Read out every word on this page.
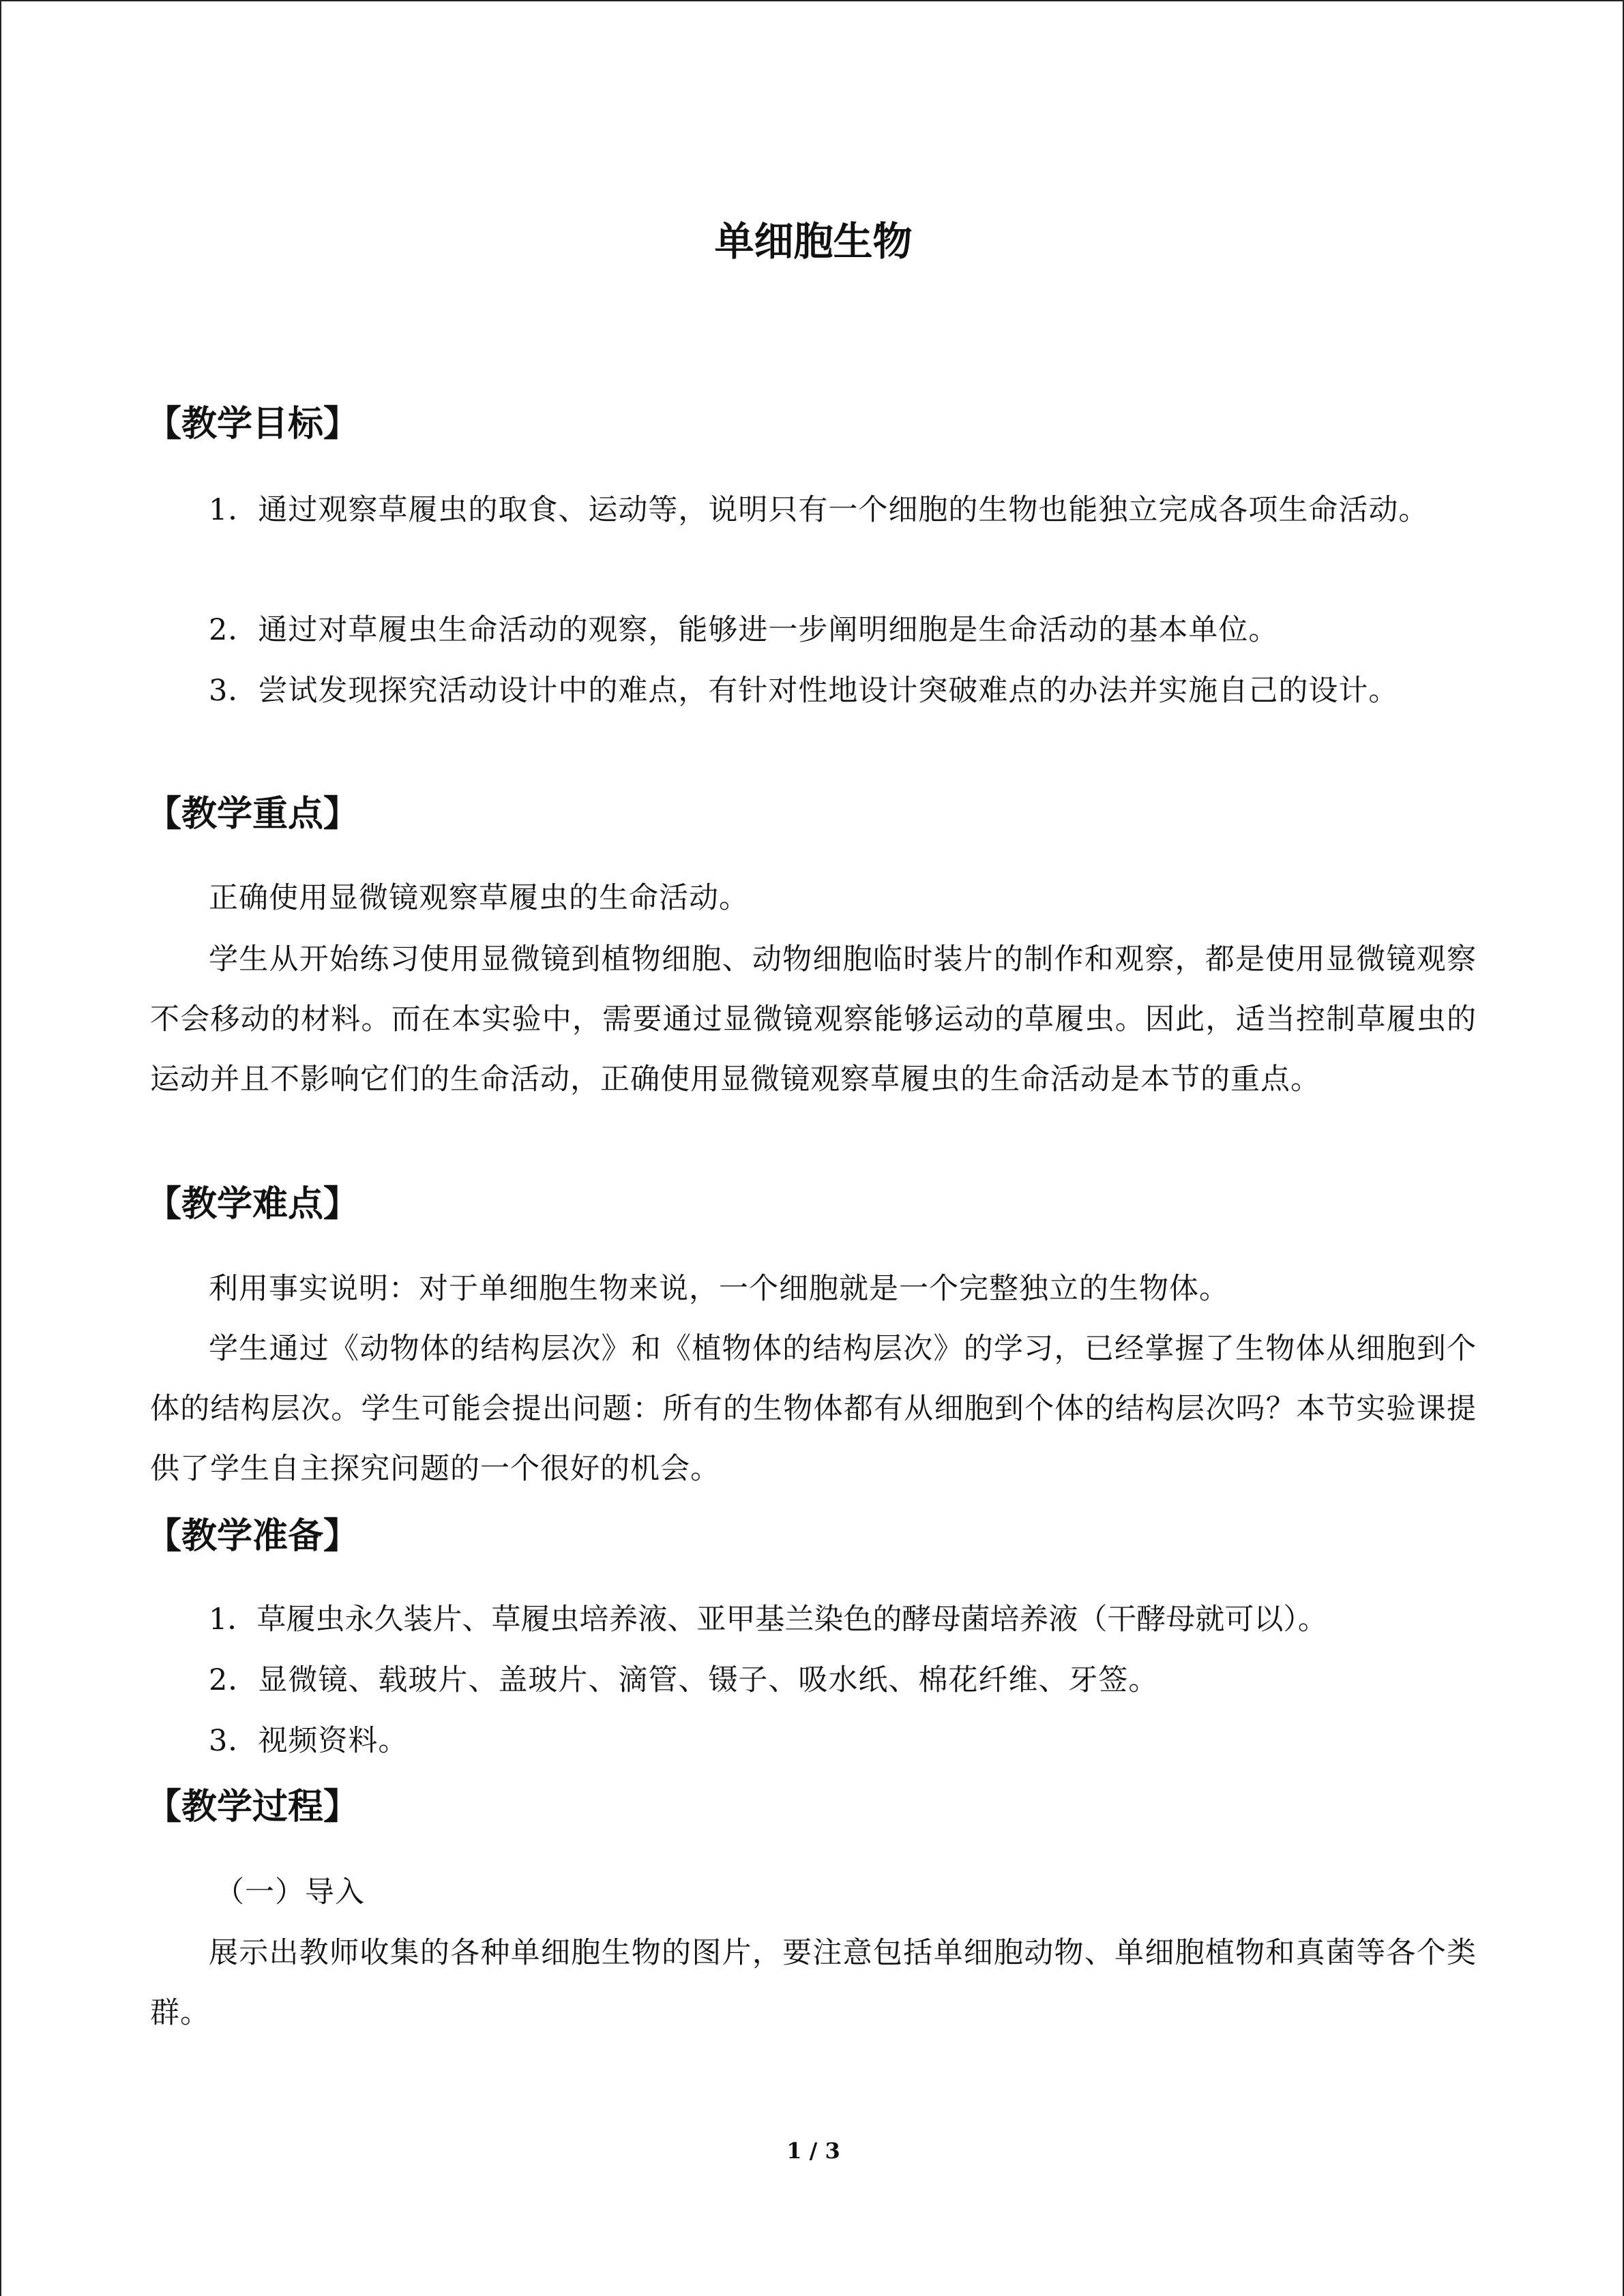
单细胞生物
【教学目标】
1．通过观察草履虫的取食、运动等，说明只有一个细胞的生物也能独立完成各项生命活动。
2．通过对草履虫生命活动的观察，能够进一步阐明细胞是生命活动的基本单位。
3．尝试发现探究活动设计中的难点，有针对性地设计突破难点的办法并实施自己的设计。
【教学重点】
正确使用显微镜观察草履虫的生命活动。
学生从开始练习使用显微镜到植物细胞、动物细胞临时装片的制作和观察，都是使用显微镜观察不会移动的材料。而在本实验中，需要通过显微镜观察能够运动的草履虫。因此，适当控制草履虫的运动并且不影响它们的生命活动，正确使用显微镜观察草履虫的生命活动是本节的重点。
【教学难点】
利用事实说明：对于单细胞生物来说，一个细胞就是一个完整独立的生物体。
学生通过《动物体的结构层次》和《植物体的结构层次》的学习，已经掌握了生物体从细胞到个体的结构层次。学生可能会提出问题：所有的生物体都有从细胞到个体的结构层次吗？本节实验课提供了学生自主探究问题的一个很好的机会。
【教学准备】
1．草履虫永久装片、草履虫培养液、亚甲基兰染色的酵母菌培养液（干酵母就可以）。
2．显微镜、载玻片、盖玻片、滴管、镊子、吸水纸、棉花纤维、牙签。
3．视频资料。
【教学过程】
（一）导入
展示出教师收集的各种单细胞生物的图片，要注意包括单细胞动物、单细胞植物和真菌等各个类群。
1 / 3
